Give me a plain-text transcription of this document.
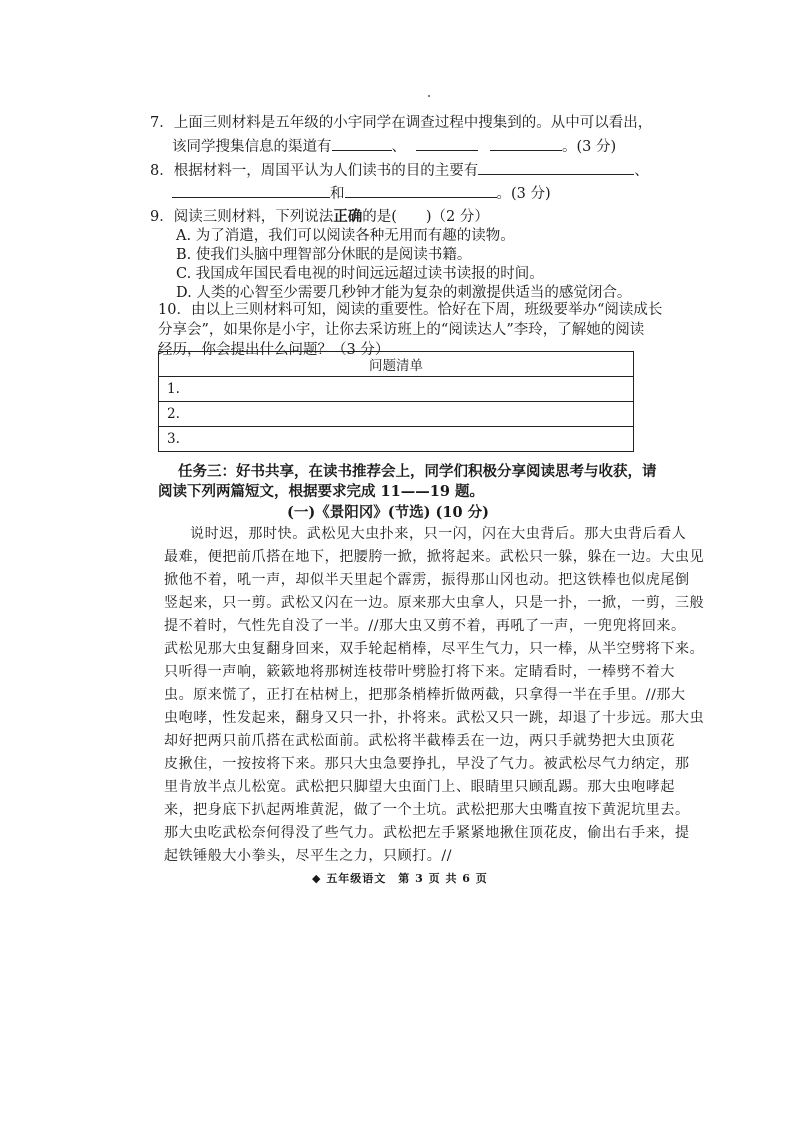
7．上面三则材料是五年级的小宇同学在调查过程中搜集到的。从中可以看出，
该同学搜集信息的渠道有	、	。(3 分)
8．根据材料一，周国平认为人们读书的目的主要有	、
和	。(3 分)
9．阅读三则材料，下列说法正确的是(　　)（2 分）
A. 为了消遣，我们可以阅读各种无用而有趣的读物。
B. 使我们头脑中理智部分休眠的是阅读书籍。
C. 我国成年国民看电视的时间远远超过读书读报的时间。
D. 人类的心智至少需要几秒钟才能为复杂的刺激提供适当的感觉闭合。
10．由以上三则材料可知，阅读的重要性。恰好在下周，班级要举办“阅读成长
分享会”，如果你是小宇，让你去采访班上的“阅读达人”李玲，了解她的阅读
经历，你会提出什么问题？（3 分）
问题清单
1.
2.
3.
任务三：好书共享，在读书推荐会上，同学们积极分享阅读思考与收获，请
阅读下列两篇短文，根据要求完成 11——19 题。
(一)《景阳冈》(节选) (10 分)
说时迟，那时快。武松见大虫扑来，只一闪，闪在大虫背后。那大虫背后看人
最难，便把前爪搭在地下，把腰胯一掀，掀将起来。武松只一躲，躲在一边。大虫见
掀他不着，吼一声，却似半天里起个霹雳，振得那山冈也动。把这铁棒也似虎尾倒
竖起来，只一剪。武松又闪在一边。原来那大虫拿人，只是一扑，一掀，一剪，三般
提不着时，气性先自没了一半。//那大虫又剪不着，再吼了一声，一兜兜将回来。
武松见那大虫复翻身回来，双手轮起梢棒，尽平生气力，只一棒，从半空劈将下来。
只听得一声响，簌簌地将那树连枝带叶劈脸打将下来。定睛看时，一棒劈不着大
虫。原来慌了，正打在枯树上，把那条梢棒折做两截，只拿得一半在手里。//那大
虫咆哮，性发起来，翻身又只一扑，扑将来。武松又只一跳，却退了十步远。那大虫
却好把两只前爪搭在武松面前。武松将半截棒丢在一边，两只手就势把大虫顶花
皮揪住，一按按将下来。那只大虫急要挣扎，早没了气力。被武松尽气力纳定，那
里肯放半点儿松宽。武松把只脚望大虫面门上、眼睛里只顾乱踢。那大虫咆哮起
来，把身底下扒起两堆黄泥，做了一个土坑。武松把那大虫嘴直按下黄泥坑里去。
那大虫吃武松奈何得没了些气力。武松把左手紧紧地揪住顶花皮，偷出右手来，提
起铁锤般大小拳头，尽平生之力，只顾打。//
◆ 五年级语文　第 3 页 共 6 页
